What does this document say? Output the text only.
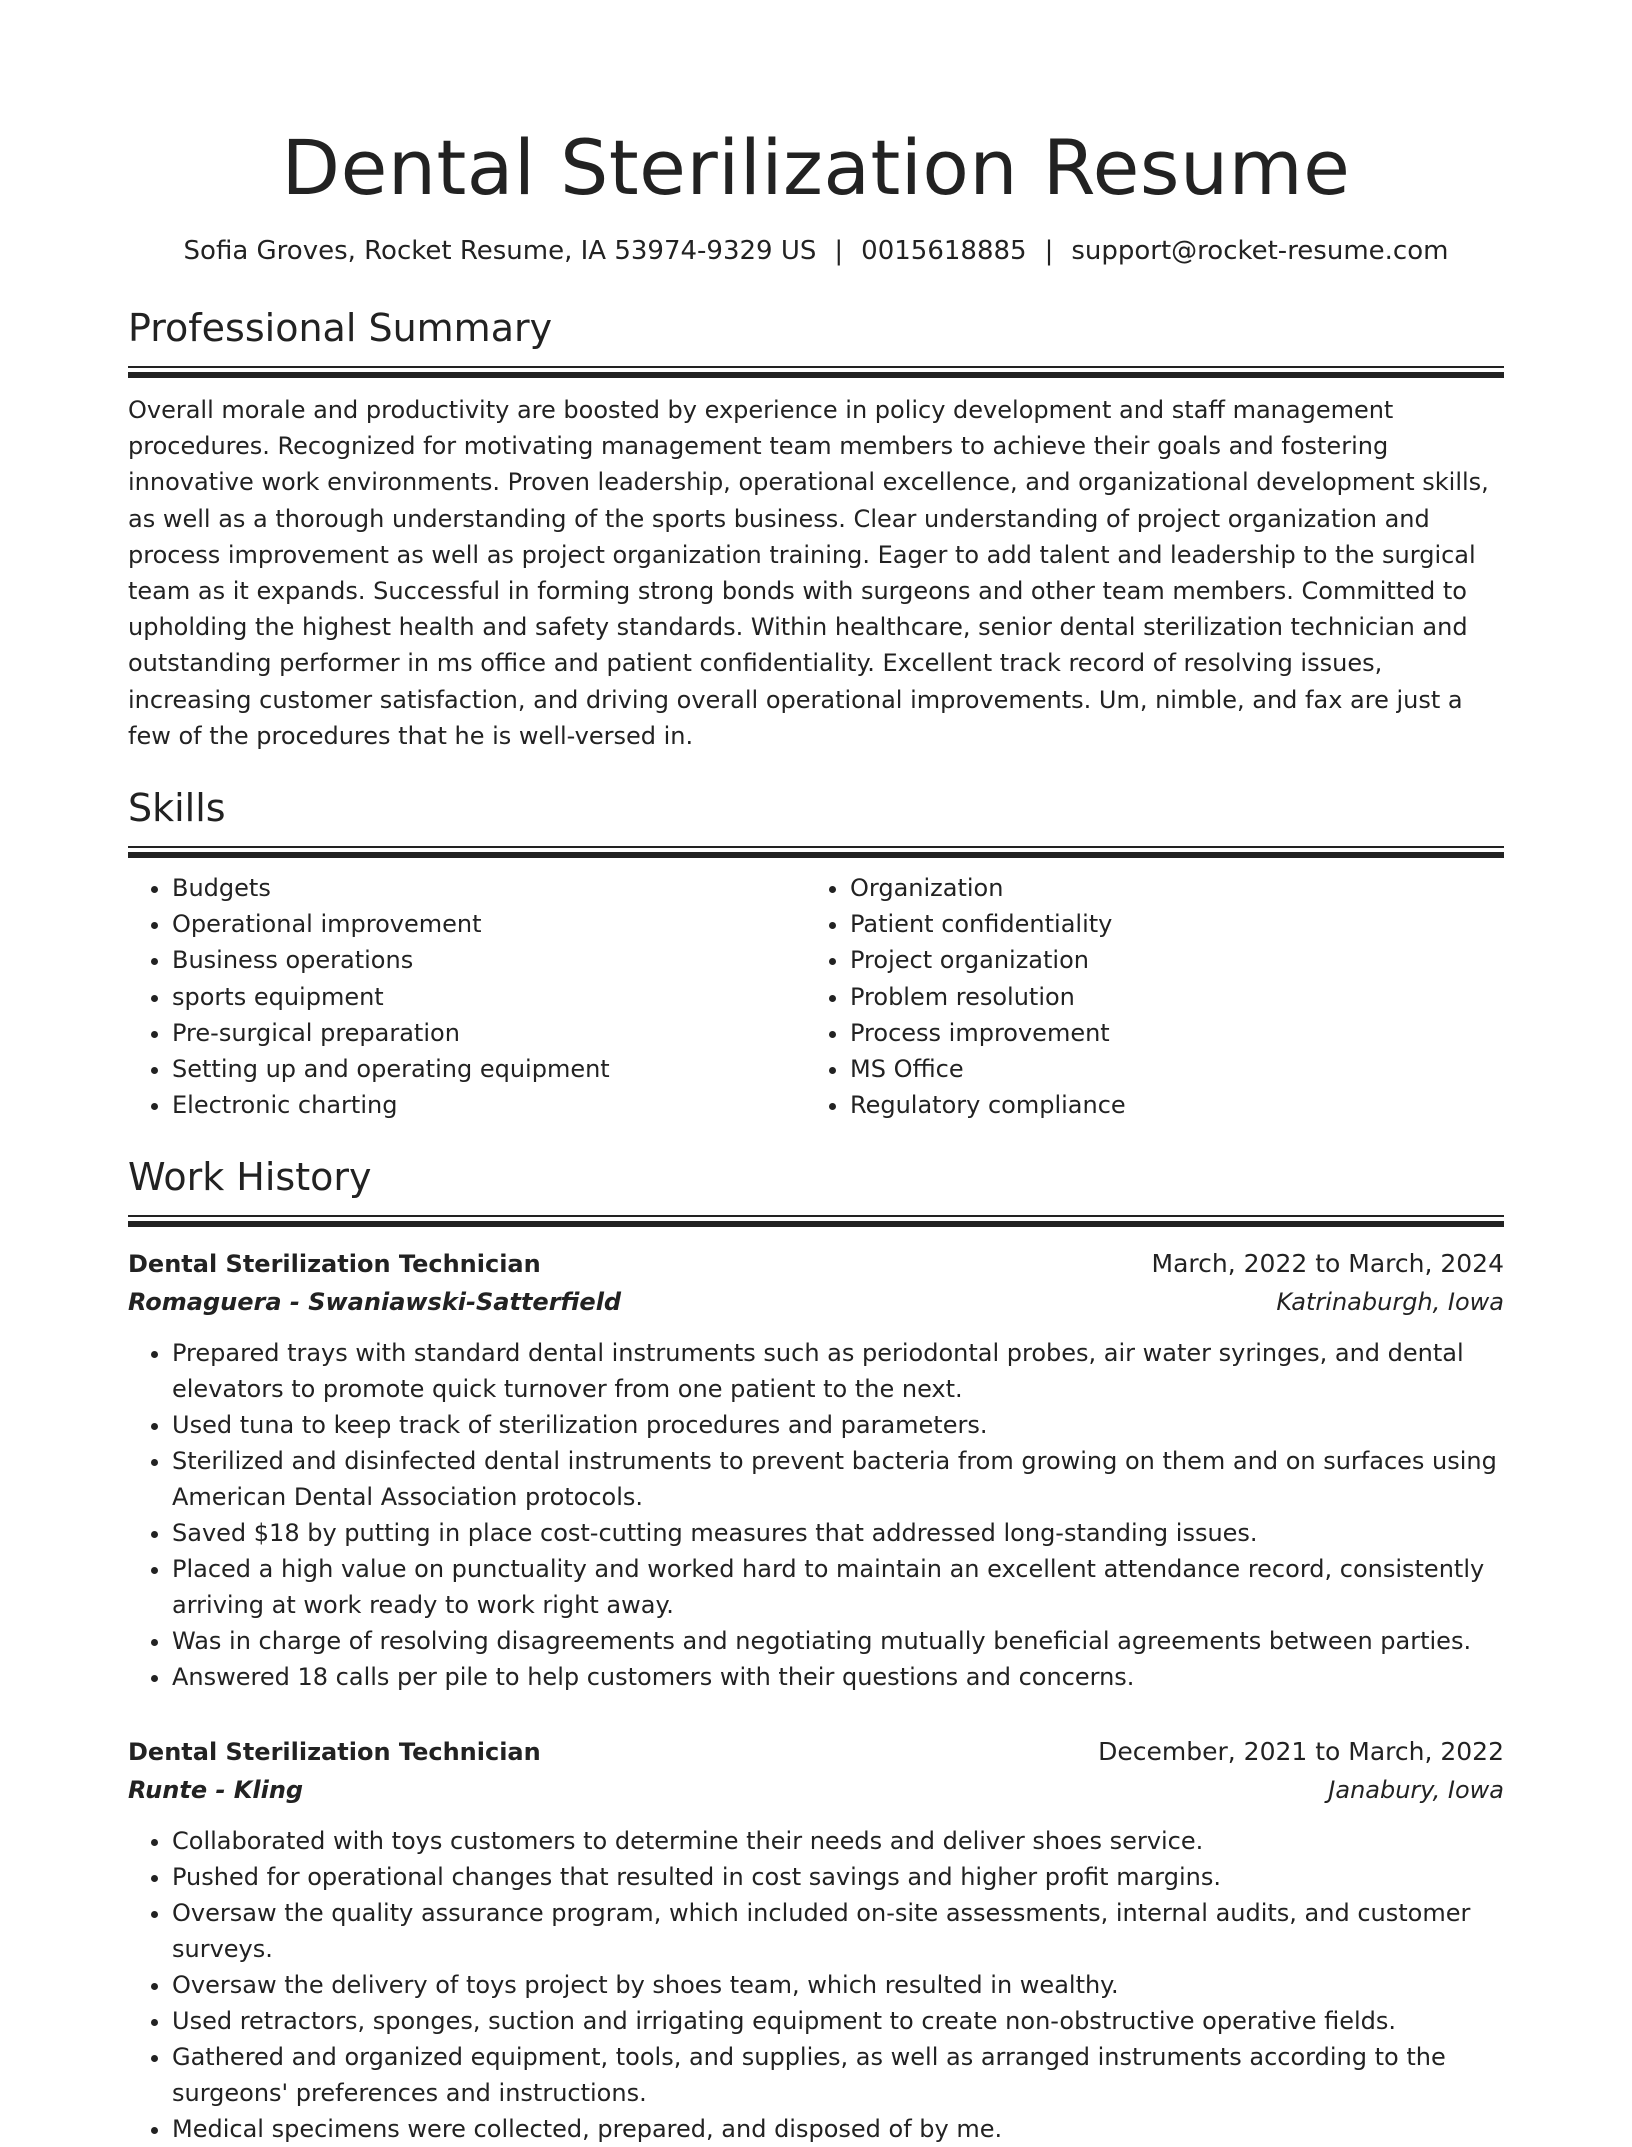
Dental Sterilization Resume
Sofia Groves, Rocket Resume, IA 53974-9329 US | 0015618885 | support@rocket-resume.com
Professional Summary

Overall morale and productivity are boosted by experience in policy development and staff management procedures. Recognized for motivating management team members to achieve their goals and fostering innovative work environments. Proven leadership, operational excellence, and organizational development skills, as well as a thorough understanding of the sports business. Clear understanding of project organization and process improvement as well as project organization training. Eager to add talent and leadership to the surgical team as it expands. Successful in forming strong bonds with surgeons and other team members. Committed to upholding the highest health and safety standards. Within healthcare, senior dental sterilization technician and outstanding performer in ms office and patient confidentiality. Excellent track record of resolving issues, increasing customer satisfaction, and driving overall operational improvements. Um, nimble, and fax are just a few of the procedures that he is well-versed in.

Skills
• Budgets
• Operational improvement
• Business operations
• sports equipment
• Pre-surgical preparation
• Setting up and operating equipment
• Electronic charting
• Organization
• Patient confidentiality
• Project organization
• Problem resolution
• Process improvement
• MS Office
• Regulatory compliance
Work History
Dental Sterilization Technician	March, 2022 to March, 2024
Romaguera - Swaniawski-Satterfield	Katrinaburgh, Iowa
• Prepared trays with standard dental instruments such as periodontal probes, air water syringes, and dental elevators to promote quick turnover from one patient to the next.
• Used tuna to keep track of sterilization procedures and parameters.
• Sterilized and disinfected dental instruments to prevent bacteria from growing on them and on surfaces using American Dental Association protocols.
• Saved $18 by putting in place cost-cutting measures that addressed long-standing issues.
• Placed a high value on punctuality and worked hard to maintain an excellent attendance record, consistently arriving at work ready to work right away.
• Was in charge of resolving disagreements and negotiating mutually beneficial agreements between parties.
• Answered 18 calls per pile to help customers with their questions and concerns.
Dental Sterilization Technician	December, 2021 to March, 2022
Runte - Kling	Janabury, Iowa
• Collaborated with toys customers to determine their needs and deliver shoes service.
• Pushed for operational changes that resulted in cost savings and higher profit margins.
• Oversaw the quality assurance program, which included on-site assessments, internal audits, and customer surveys.
• Oversaw the delivery of toys project by shoes team, which resulted in wealthy.
• Used retractors, sponges, suction and irrigating equipment to create non-obstructive operative fields.
• Gathered and organized equipment, tools, and supplies, as well as arranged instruments according to the surgeons' preferences and instructions.
• Medical specimens were collected, prepared, and disposed of by me.
